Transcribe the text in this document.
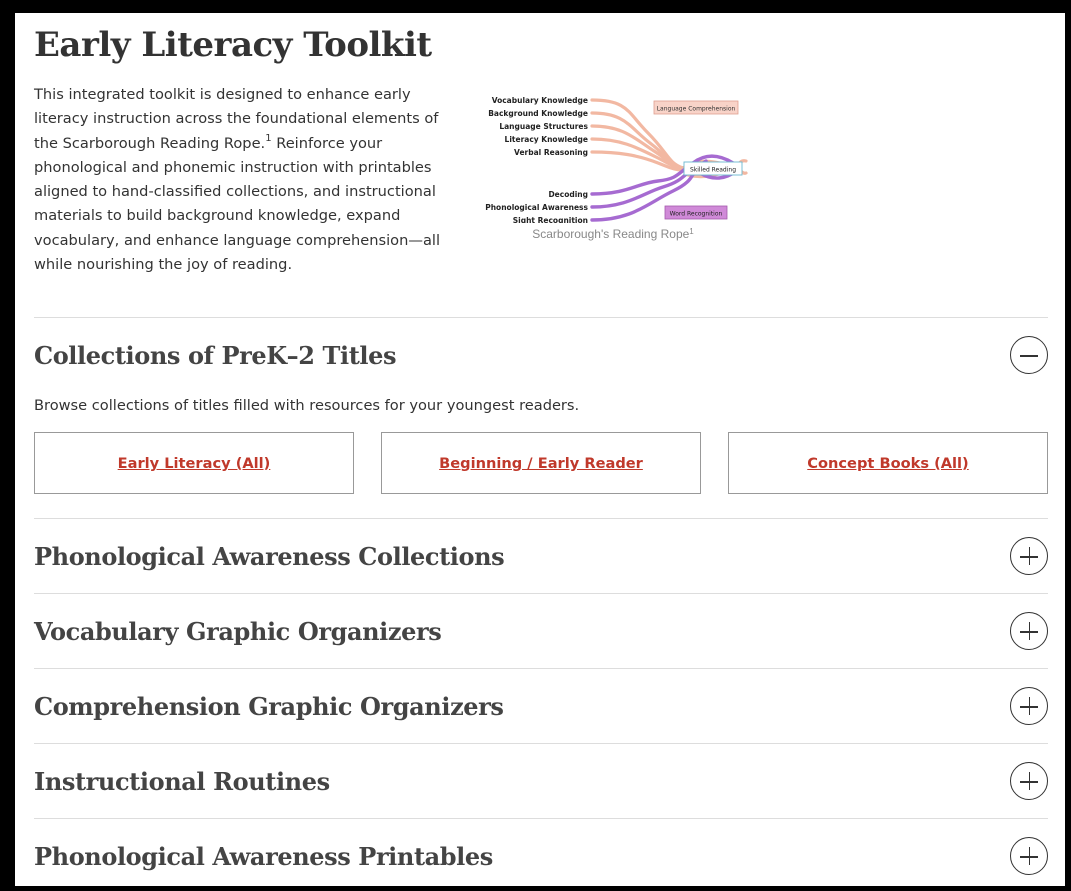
Early Literacy Toolkit

This integrated toolkit is designed to enhance early literacy instruction across the foundational elements of the Scarborough Reading Rope.$^1$ Reinforce your phonological and phonemic instruction with printables aligned to hand-classified collections, and instructional materials to build background knowledge, expand vocabulary, and enhance language comprehension—all while nourishing the joy of reading.

Vocabulary Knowledge
Background Knowledge
Language Structures
Literacy Knowledge
Verbal Reasoning
Decoding
Phonological Awareness
Sight Recognition
Language Comprehension
Skilled Reading
Word Recognition
Scarborough's Reading Rope$^1$
Collections of PreK–2 Titles

Browse collections of titles filled with resources for your youngest readers.

Early Literacy (All)	Beginning / Early Reader	Concept Books (All)
Phonological Awareness Collections
Vocabulary Graphic Organizers
Comprehension Graphic Organizers
Instructional Routines
Phonological Awareness Printables
